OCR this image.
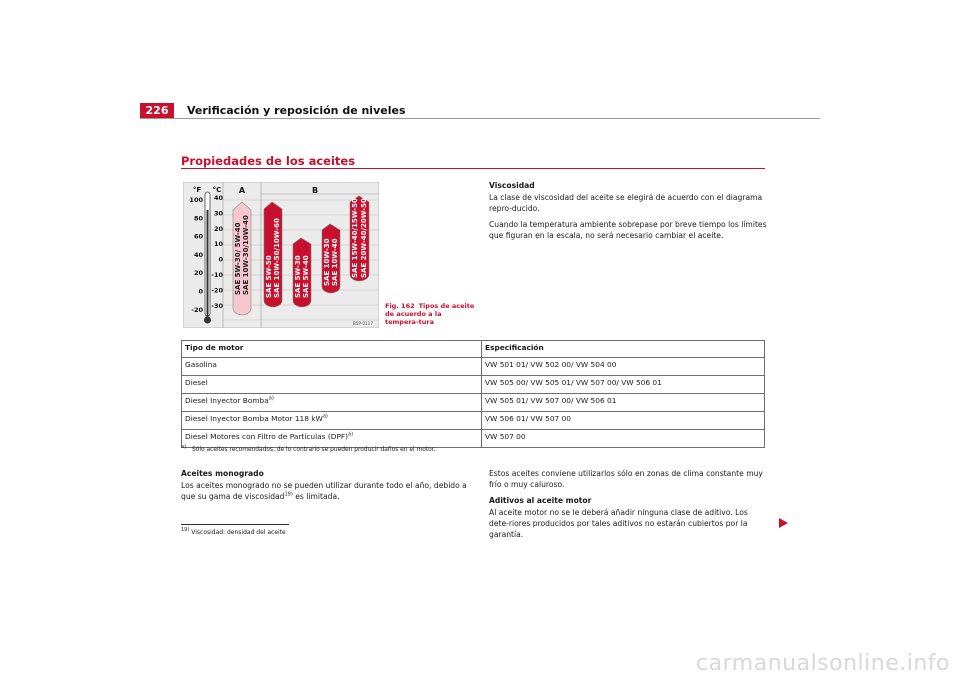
226	Verificación y reposición de niveles
Propiedades de los aceites
°F °C A	B
100
80
60
40
20
0
-20
40
30
20
10
0
-10
-20
-30
SAE 5W-30/ 5W-40 SAE 10W-30/10W-40 SAE 5W-50 SAE 10W-50/10W-60 SAE 5W-30 SAE 5W-40 SAE 10W-30 SAE 10W-40 SAE 15W-40/15W-50 SAE 20W-40/20W-50
B5P-0117
Fig. 162 Tipos de aceite de acuerdo a la tempera-tura

Viscosidad

La clase de viscosidad del aceite se elegirá de acuerdo con el diagrama repro-ducido.

Cuando la temperatura ambiente sobrepase por breve tiempo los límites que figuran en la escala, no será necesario cambiar el aceite.

Tipo de motor	Especificación
Gasolina	VW 501 01/ VW 502 00/ VW 504 00
Diesel	VW 505 00/ VW 505 01/ VW 507 00/ VW 506 01
Diesel Inyector Bomba$^{a)}$	VW 505 01/ VW 507 00/ VW 506 01
Diesel Inyector Bomba Motor 118 $kW^{a)}$	VW 506 01/ VW 507 00
Diesel Motores con Filtro de Partículas (DPF)$^{a)}$	VW 507 00
$^{a)}$ Sólo aceites recomendados, de lo contrario se pueden producir daños en el motor.

Aceites monogrado

Los aceites monogrado no se pueden utilizar durante todo el año, debido a que su gama de viscosidad$^{19)}$ es limitada.

$^{19)}$ Viscosidad: densidad del aceite

Estos aceites conviene utilizarlos sólo en zonas de clima constante muy frío o muy caluroso.

Aditivos al aceite motor

Al aceite motor no se le deberá añadir ninguna clase de aditivo. Los dete-riores producidos por tales aditivos no estarán cubiertos por la garantía.

carmanualsonline.info
